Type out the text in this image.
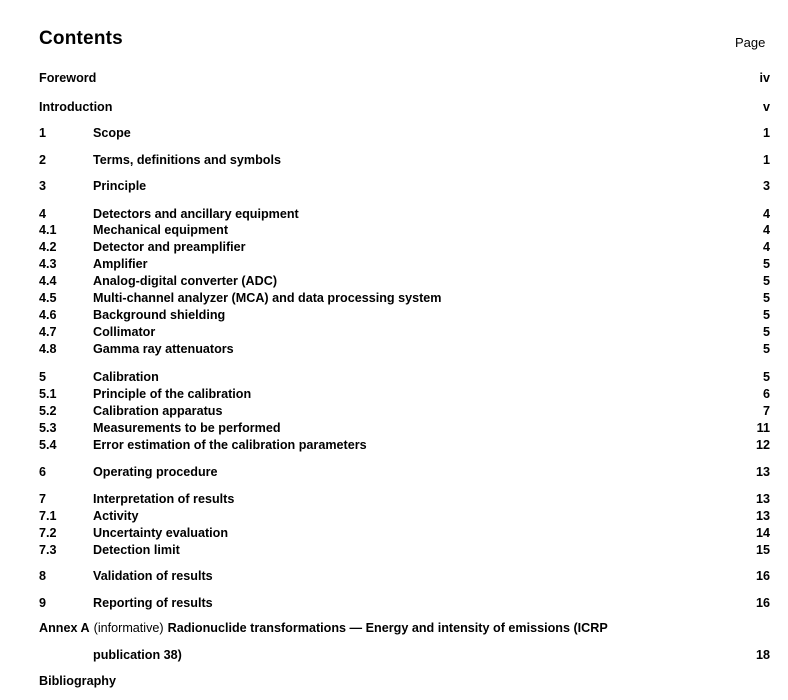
Contents	Page
Foreword	iv
Introduction	v
1	Scope	1
2	Terms, definitions and symbols	1
3	Principle	3
4	Detectors and ancillary equipment	4
4.1	Mechanical equipment	4
4.2	Detector and preamplifier	4
4.3	Amplifier	5
4.4	Analog-digital converter (ADC)	5
4.5	Multi-channel analyzer (MCA) and data processing system	5
4.6	Background shielding	5
4.7	Collimator	5
4.8	Gamma ray attenuators	5
5	Calibration	5
5.1	Principle of the calibration	6
5.2	Calibration apparatus	7
5.3	Measurements to be performed	11
5.4	Error estimation of the calibration parameters	12
6	Operating procedure	13
7	Interpretation of results	13
7.1	Activity	13
7.2	Uncertainty evaluation	14
7.3	Detection limit	15
8	Validation of results	16
9	Reporting of results	16
Annex A (informative) Radionuclide transformations — Energy and intensity of emissions (ICRP
publication 38)	18
Bibliography
